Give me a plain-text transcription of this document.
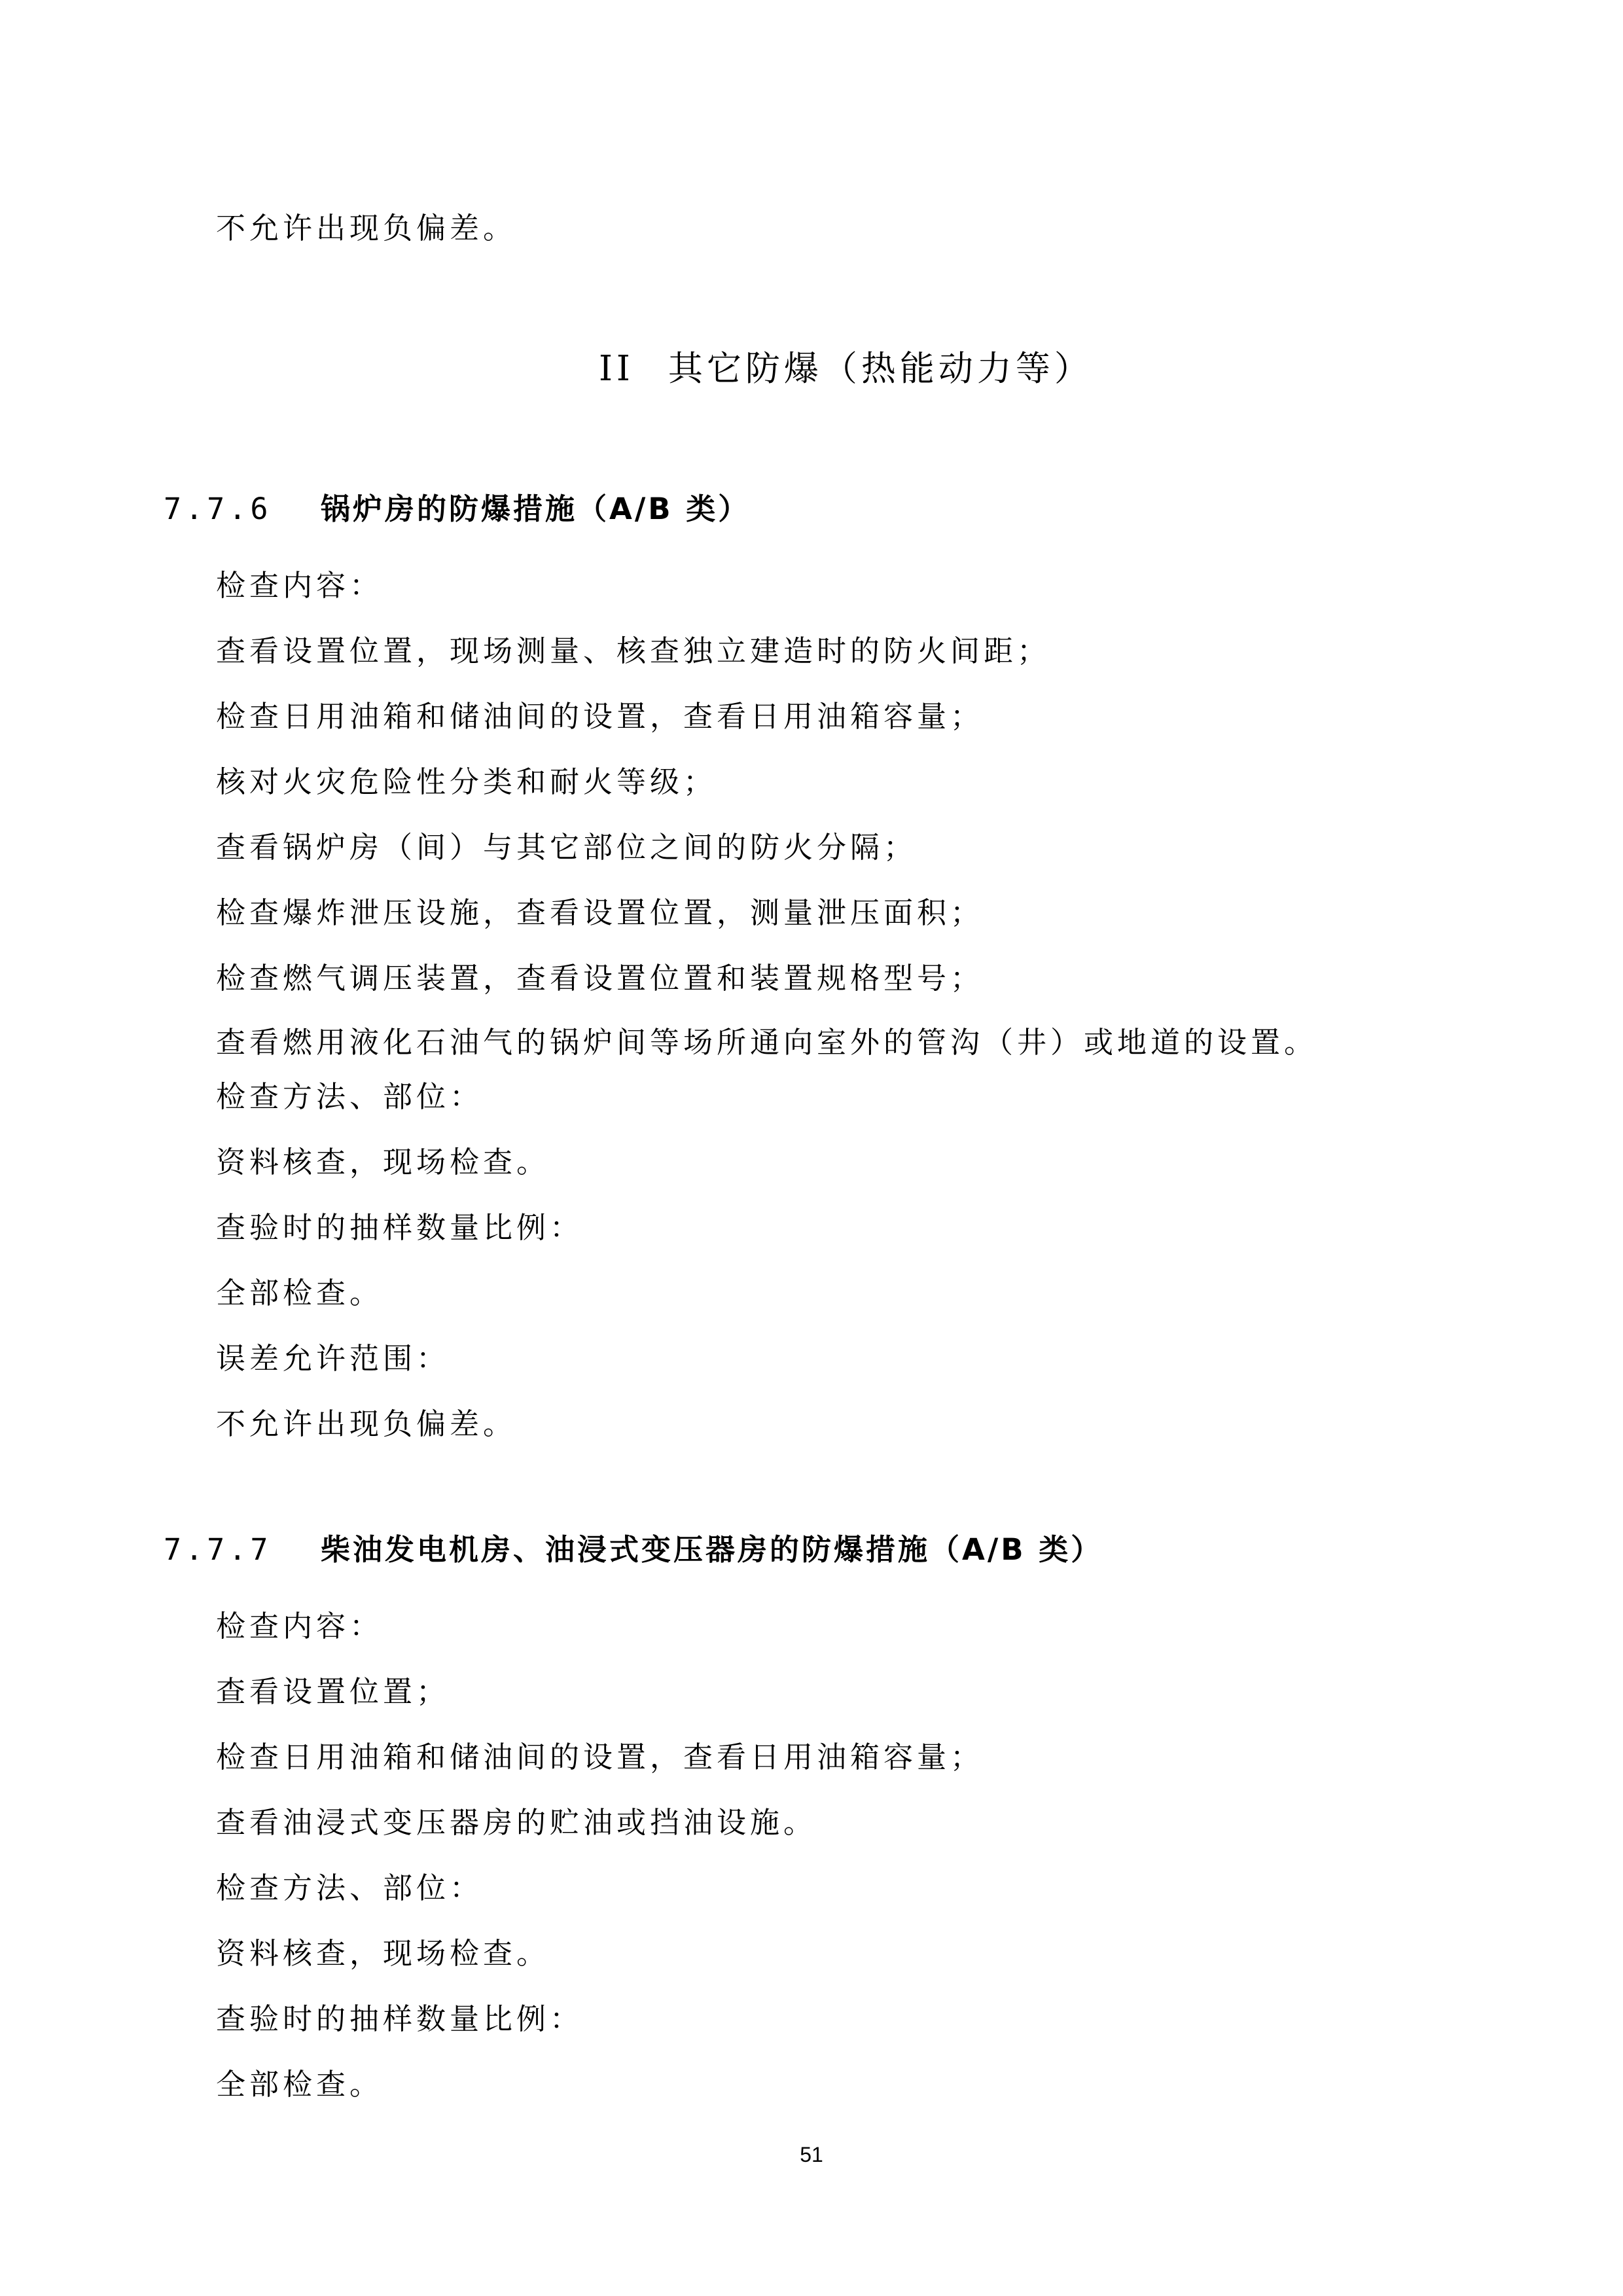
不允许出现负偏差。
II 其它防爆（热能动力等）
7.7.6 锅炉房的防爆措施（A/B 类）
检查内容：
查看设置位置，现场测量、核查独立建造时的防火间距；
检查日用油箱和储油间的设置，查看日用油箱容量；
核对火灾危险性分类和耐火等级；
查看锅炉房（间）与其它部位之间的防火分隔；
检查爆炸泄压设施，查看设置位置，测量泄压面积；
检查燃气调压装置，查看设置位置和装置规格型号；
查看燃用液化石油气的锅炉间等场所通向室外的管沟（井）或地道的设置。
检查方法、部位：
资料核查，现场检查。
查验时的抽样数量比例：
全部检查。
误差允许范围：
不允许出现负偏差。
7.7.7 柴油发电机房、油浸式变压器房的防爆措施（A/B 类）
检查内容：
查看设置位置；
检查日用油箱和储油间的设置，查看日用油箱容量；
查看油浸式变压器房的贮油或挡油设施。
检查方法、部位：
资料核查，现场检查。
查验时的抽样数量比例：
全部检查。
51
